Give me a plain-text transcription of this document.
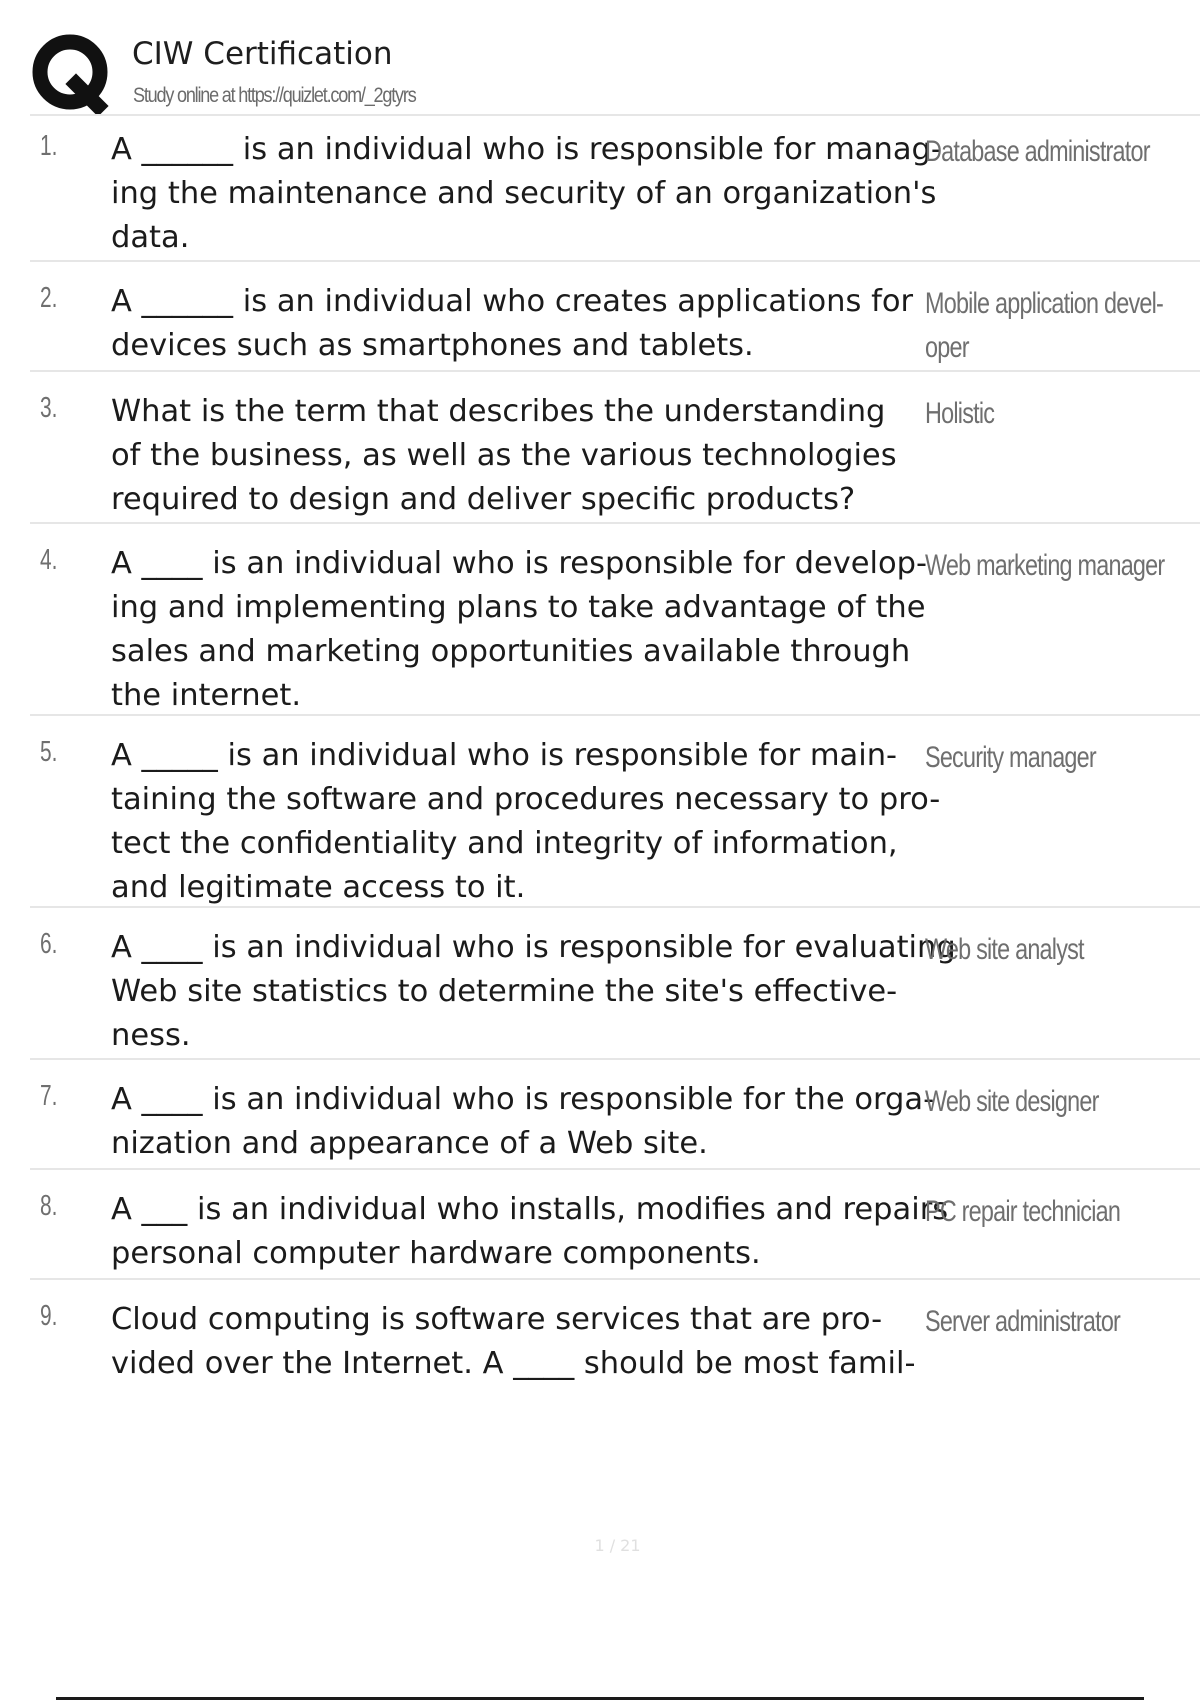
CIW Certification
Study online at https://quizlet.com/_2gtyrs
1. A ______ is an individual who is responsible for manag-
ing the maintenance and security of an organization's
data.
Database administrator
2. A ______ is an individual who creates applications for
devices such as smartphones and tablets.
Mobile application devel-
oper
3. What is the term that describes the understanding
of the business, as well as the various technologies
required to design and deliver specific products?
Holistic
4. A ____ is an individual who is responsible for develop-
ing and implementing plans to take advantage of the
sales and marketing opportunities available through
the internet.
Web marketing manager
5. A _____ is an individual who is responsible for main-
taining the software and procedures necessary to pro-
tect the confidentiality and integrity of information,
and legitimate access to it.
Security manager
6. A ____ is an individual who is responsible for evaluating
Web site statistics to determine the site's effective-
ness.
Web site analyst
7. A ____ is an individual who is responsible for the orga-
nization and appearance of a Web site.
Web site designer
8. A ___ is an individual who installs, modifies and repairs
personal computer hardware components.
PC repair technician
9. Cloud computing is software services that are pro-
vided over the Internet. A ____ should be most famil-
Server administrator
1 / 21
